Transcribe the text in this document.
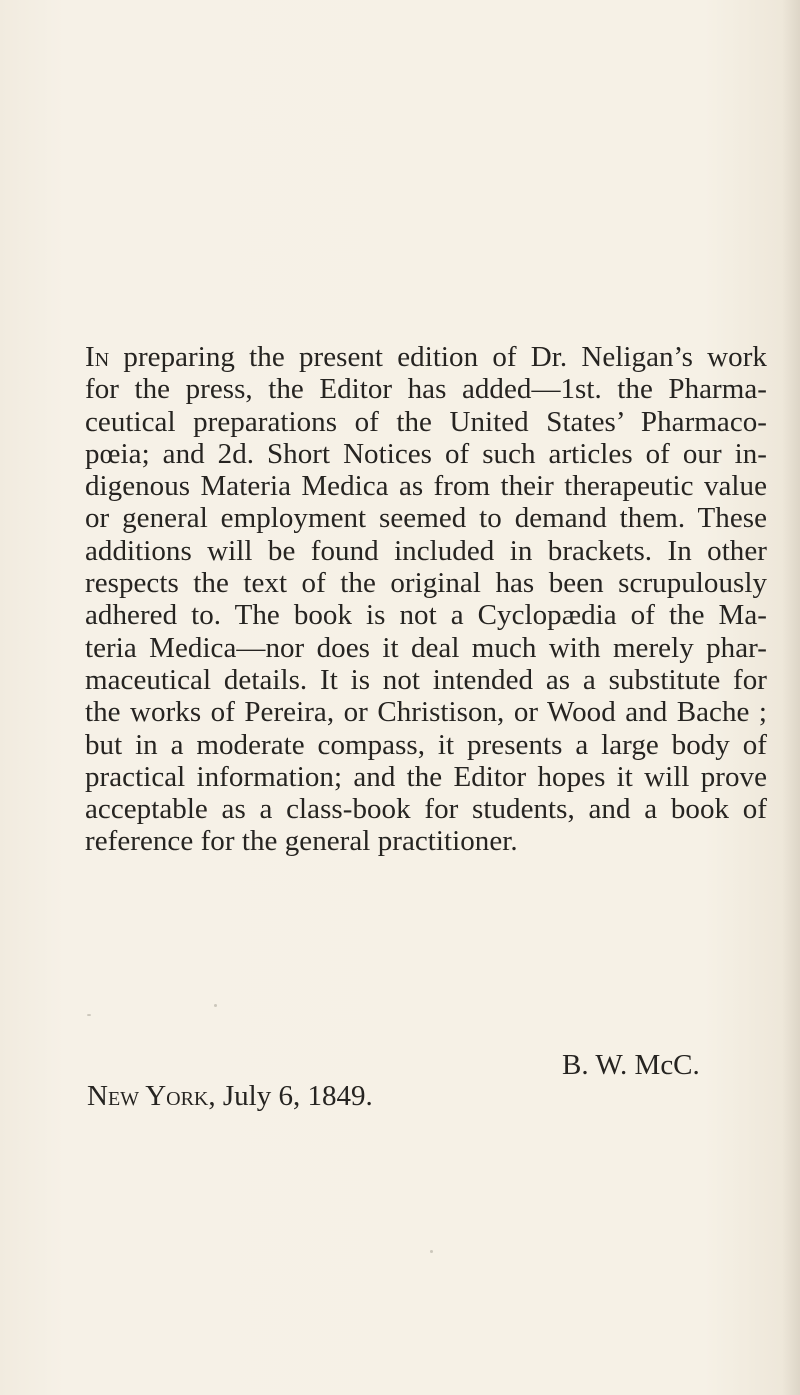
In preparing the present edition of Dr. Neligan’s work
for the press, the Editor has added—1st. the Pharma-
ceutical preparations of the United States’ Pharmaco-
pœia; and 2d. Short Notices of such articles of our in-
digenous Materia Medica as from their therapeutic value
or general employment seemed to demand them. These
additions will be found included in brackets. In other
respects the text of the original has been scrupulously
adhered to. The book is not a Cyclopædia of the Ma-
teria Medica—nor does it deal much with merely phar-
maceutical details. It is not intended as a substitute for
the works of Pereira, or Christison, or Wood and Bache ;
but in a moderate compass, it presents a large body of
practical information; and the Editor hopes it will prove
acceptable as a class-book for students, and a book of
reference for the general practitioner.
B. W. McC.
New York, July 6, 1849.
